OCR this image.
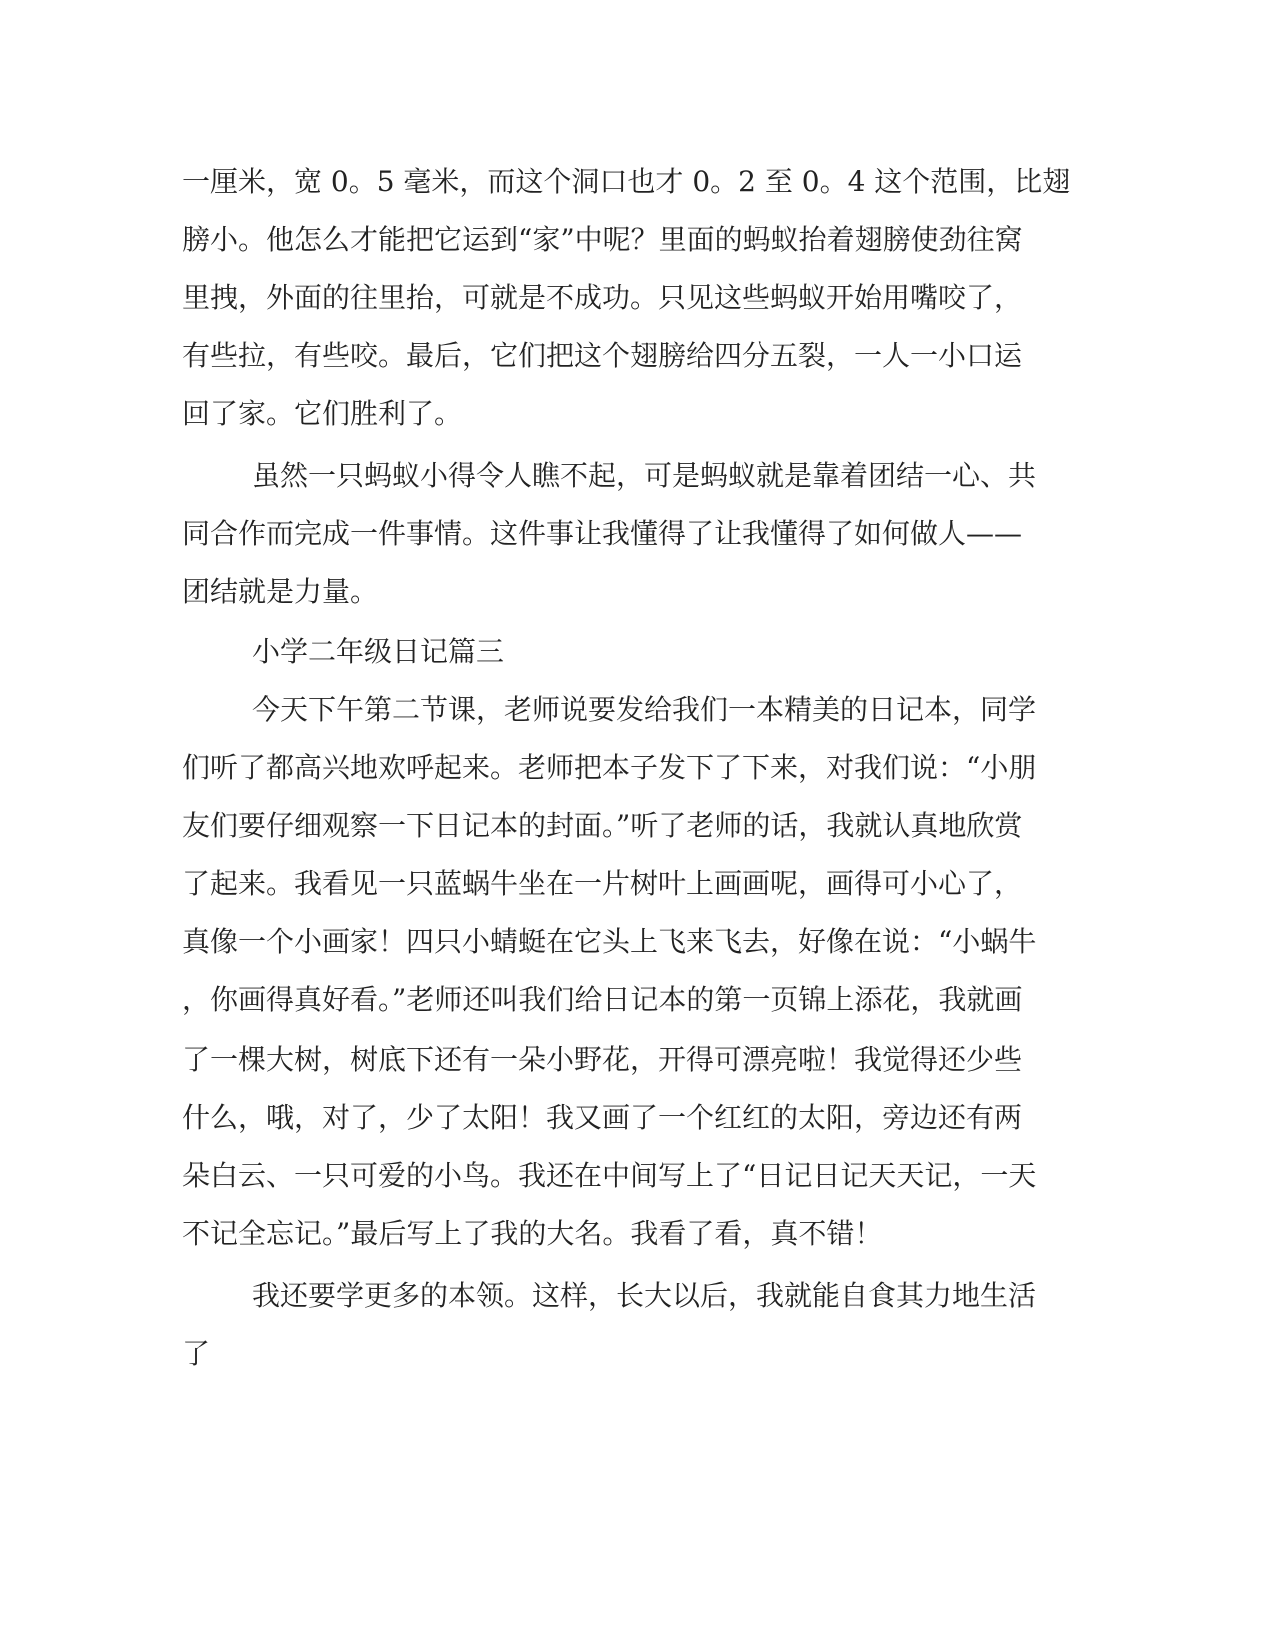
一厘米，宽 0。5 毫米，而这个洞口也才 0。2 至 0。4 这个范围，比翅
膀小。他怎么才能把它运到“家”中呢？里面的蚂蚁抬着翅膀使劲往窝
里拽，外面的往里抬，可就是不成功。只见这些蚂蚁开始用嘴咬了，
有些拉，有些咬。最后，它们把这个翅膀给四分五裂，一人一小口运
回了家。它们胜利了。
虽然一只蚂蚁小得令人瞧不起，可是蚂蚁就是靠着团结一心、共
同合作而完成一件事情。这件事让我懂得了让我懂得了如何做人——
团结就是力量。
小学二年级日记篇三
今天下午第二节课，老师说要发给我们一本精美的日记本，同学
们听了都高兴地欢呼起来。老师把本子发下了下来，对我们说：“小朋
友们要仔细观察一下日记本的封面。”听了老师的话，我就认真地欣赏
了起来。我看见一只蓝蜗牛坐在一片树叶上画画呢，画得可小心了，
真像一个小画家！四只小蜻蜓在它头上飞来飞去，好像在说：“小蜗牛
，你画得真好看。”老师还叫我们给日记本的第一页锦上添花，我就画
了一棵大树，树底下还有一朵小野花，开得可漂亮啦！我觉得还少些
什么，哦，对了，少了太阳！我又画了一个红红的太阳，旁边还有两
朵白云、一只可爱的小鸟。我还在中间写上了“日记日记天天记，一天
不记全忘记。”最后写上了我的大名。我看了看，真不错！
我还要学更多的本领。这样，长大以后，我就能自食其力地生活
了
